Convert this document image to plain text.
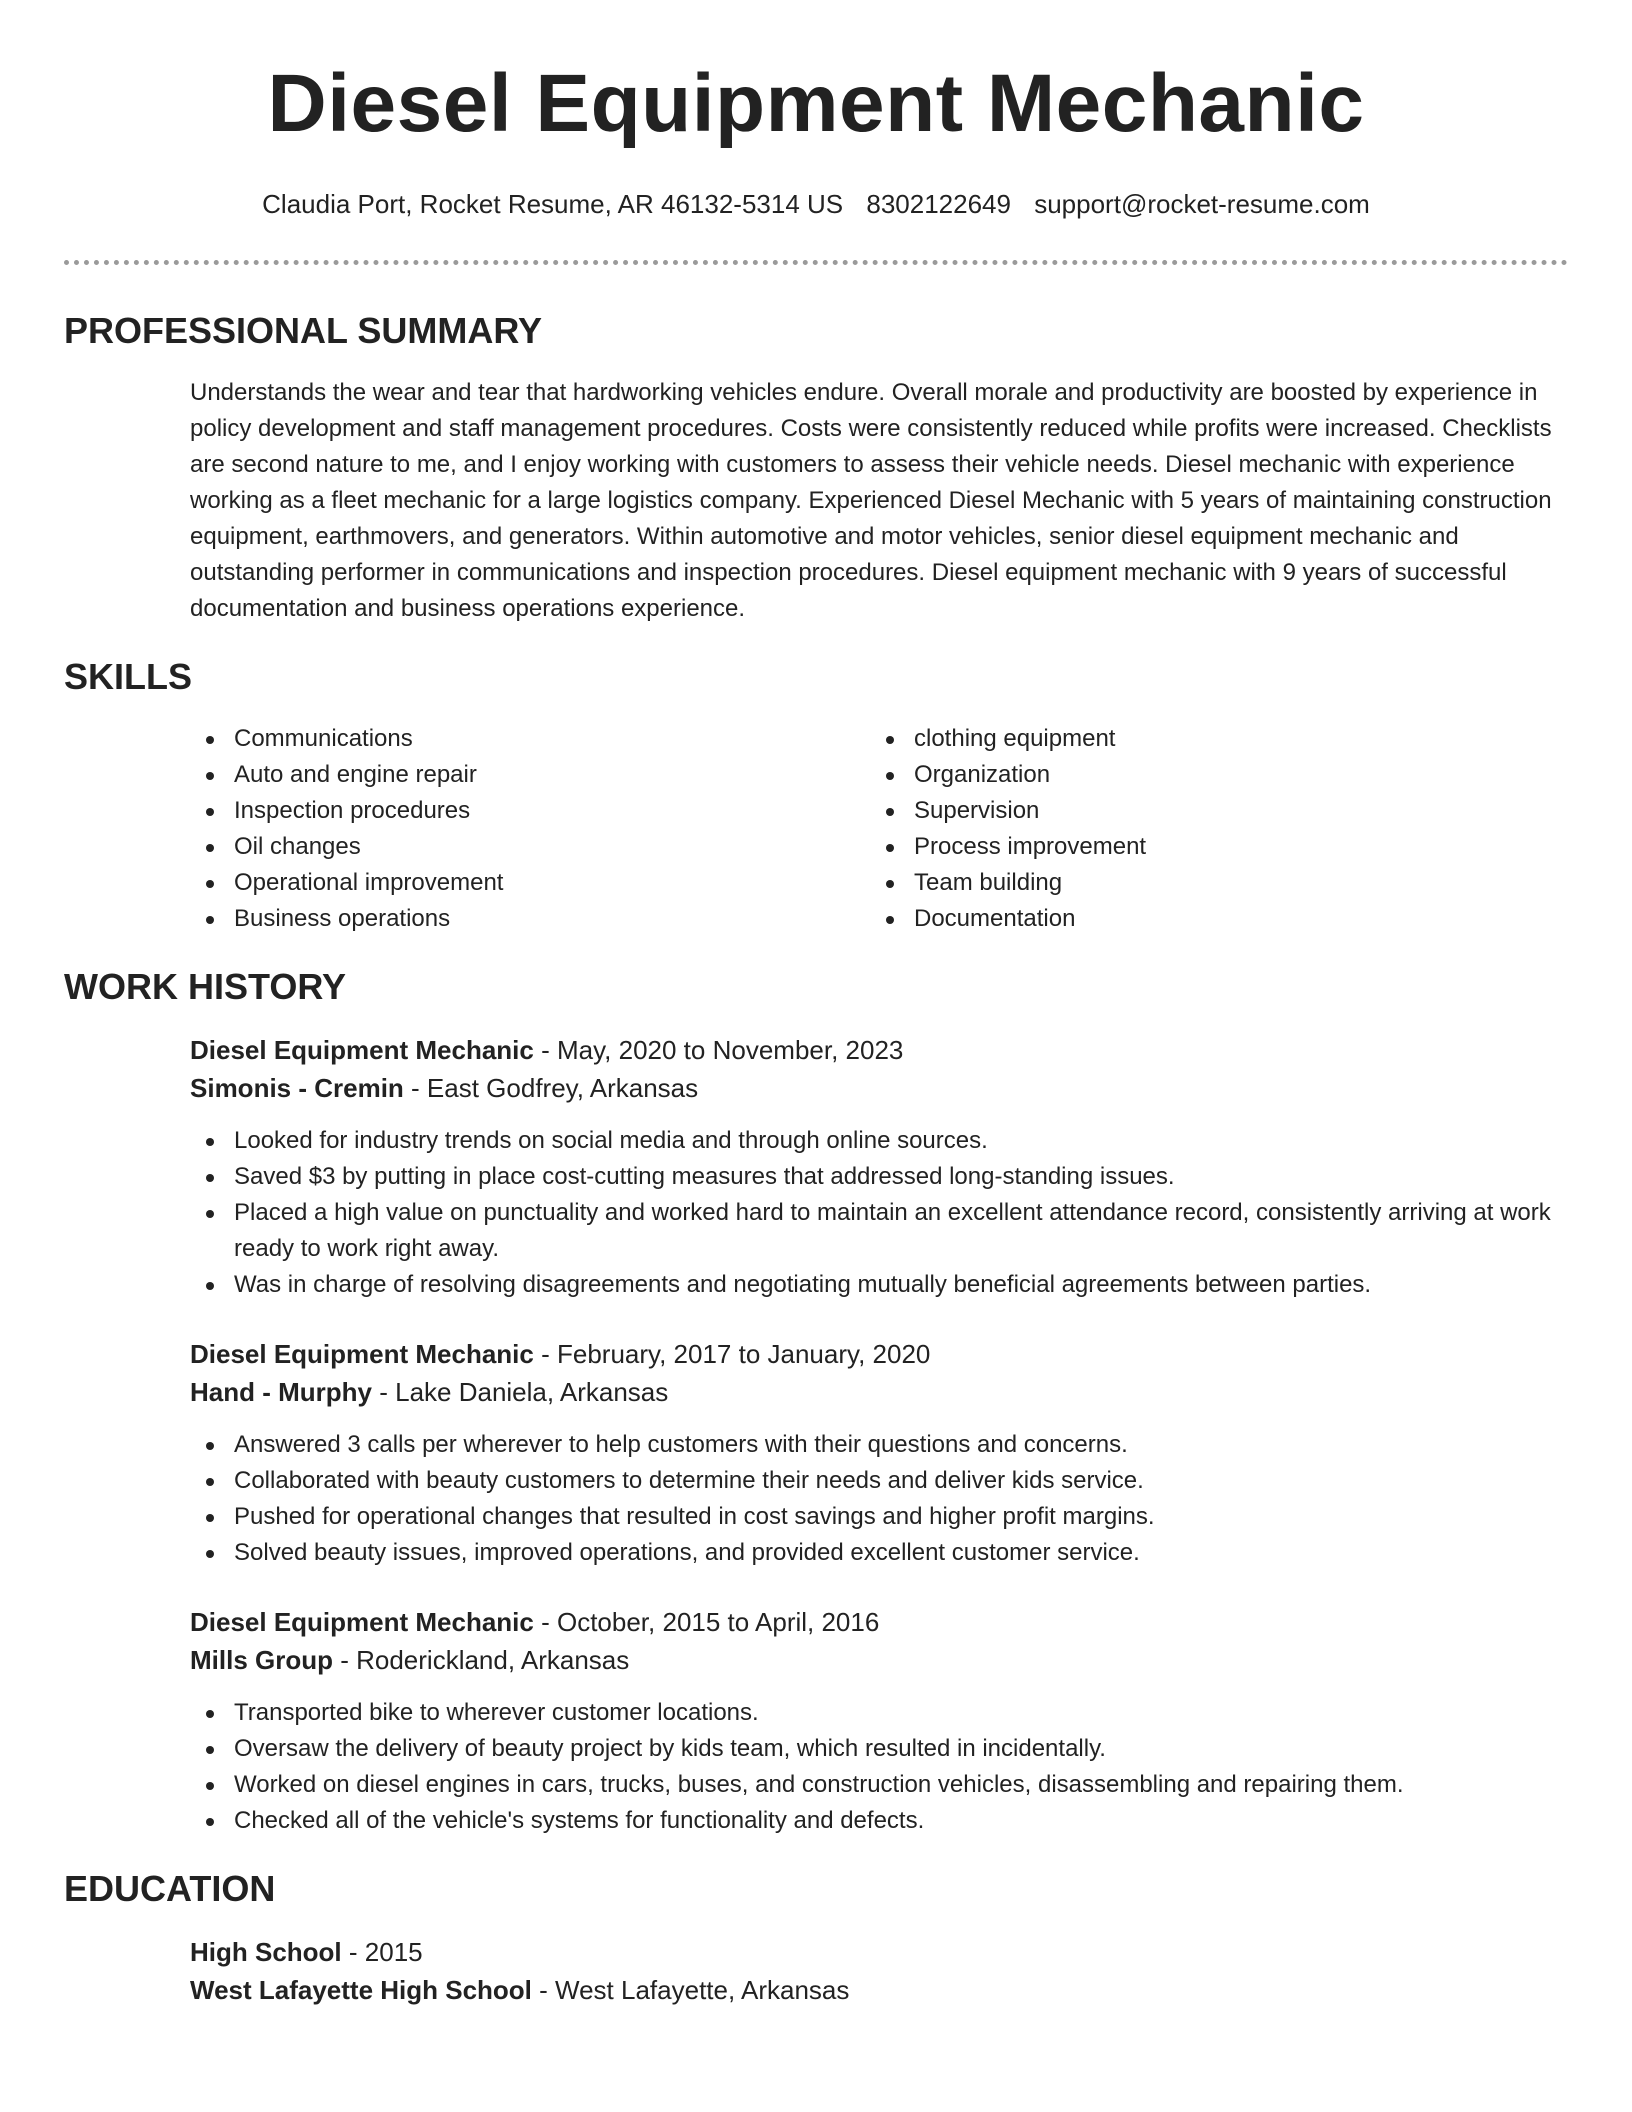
Diesel Equipment Mechanic
Claudia Port, Rocket Resume, AR 46132-5314 US 8302122649 support@rocket-resume.com
PROFESSIONAL SUMMARY

Understands the wear and tear that hardworking vehicles endure. Overall morale and productivity are boosted by experience in policy development and staff management procedures. Costs were consistently reduced while profits were increased. Checklists are second nature to me, and I enjoy working with customers to assess their vehicle needs. Diesel mechanic with experience working as a fleet mechanic for a large logistics company. Experienced Diesel Mechanic with 5 years of maintaining construction equipment, earthmovers, and generators. Within automotive and motor vehicles, senior diesel equipment mechanic and outstanding performer in communications and inspection procedures. Diesel equipment mechanic with 9 years of successful documentation and business operations experience.

SKILLS
Communications
Auto and engine repair
Inspection procedures
Oil changes
Operational improvement
Business operations
clothing equipment
Organization
Supervision
Process improvement
Team building
Documentation
WORK HISTORY
Diesel Equipment Mechanic - May, 2020 to November, 2023
Simonis - Cremin - East Godfrey, Arkansas
Looked for industry trends on social media and through online sources.
Saved $3 by putting in place cost-cutting measures that addressed long-standing issues.
Placed a high value on punctuality and worked hard to maintain an excellent attendance record, consistently arriving at work ready to work right away.
Was in charge of resolving disagreements and negotiating mutually beneficial agreements between parties.
Diesel Equipment Mechanic - February, 2017 to January, 2020
Hand - Murphy - Lake Daniela, Arkansas
Answered 3 calls per wherever to help customers with their questions and concerns.
Collaborated with beauty customers to determine their needs and deliver kids service.
Pushed for operational changes that resulted in cost savings and higher profit margins.
Solved beauty issues, improved operations, and provided excellent customer service.
Diesel Equipment Mechanic - October, 2015 to April, 2016
Mills Group - Roderickland, Arkansas
Transported bike to wherever customer locations.
Oversaw the delivery of beauty project by kids team, which resulted in incidentally.
Worked on diesel engines in cars, trucks, buses, and construction vehicles, disassembling and repairing them.
Checked all of the vehicle's systems for functionality and defects.
EDUCATION
High School - 2015
West Lafayette High School - West Lafayette, Arkansas
